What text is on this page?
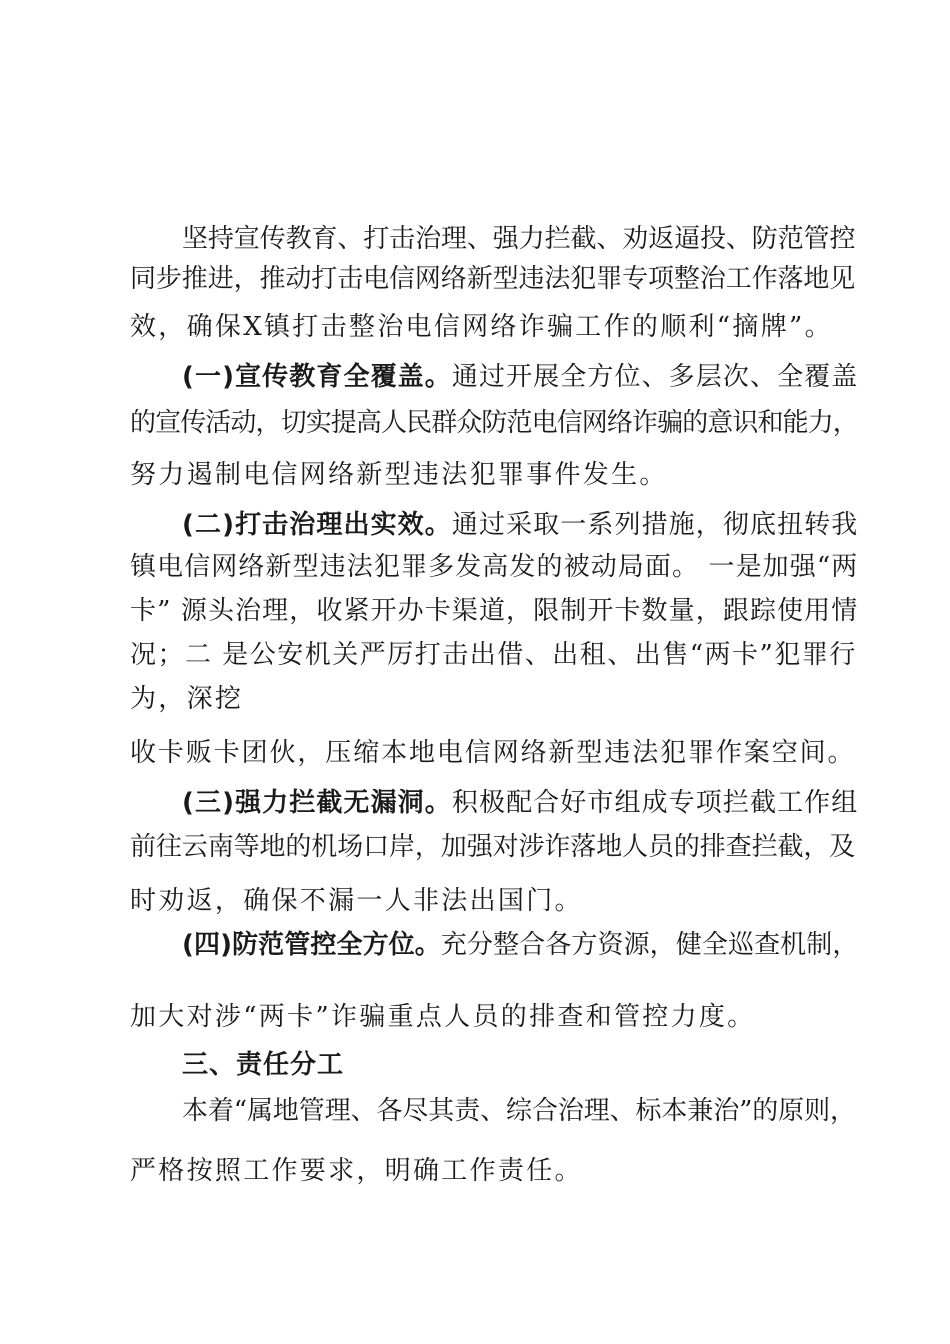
坚持宣传教育、打击治理、强力拦截、劝返逼投、防范管控
同步推进，推动打击电信网络新型违法犯罪专项整治工作落地见
效，确保X镇打击整治电信网络诈骗工作的顺利“摘牌”。
(一)宣传教育全覆盖。通过开展全方位、多层次、全覆盖
的宣传活动，切实提高人民群众防范电信网络诈骗的意识和能力，
努力遏制电信网络新型违法犯罪事件发生。
(二)打击治理出实效。通过采取一系列措施，彻底扭转我
镇电信网络新型违法犯罪多发高发的被动局面。 一是加强“两
卡” 源头治理，收紧开办卡渠道，限制开卡数量，跟踪使用情
况；二 是公安机关严厉打击出借、出租、出售“两卡”犯罪行
为，深挖
收卡贩卡团伙，压缩本地电信网络新型违法犯罪作案空间。
(三)强力拦截无漏洞。积极配合好市组成专项拦截工作组
前往云南等地的机场口岸，加强对涉诈落地人员的排查拦截，及
时劝返，确保不漏一人非法出国门。
(四)防范管控全方位。充分整合各方资源，健全巡查机制，
加大对涉“两卡”诈骗重点人员的排查和管控力度。
三、责任分工
本着“属地管理、各尽其责、综合治理、标本兼治”的原则，
严格按照工作要求，明确工作责任。
